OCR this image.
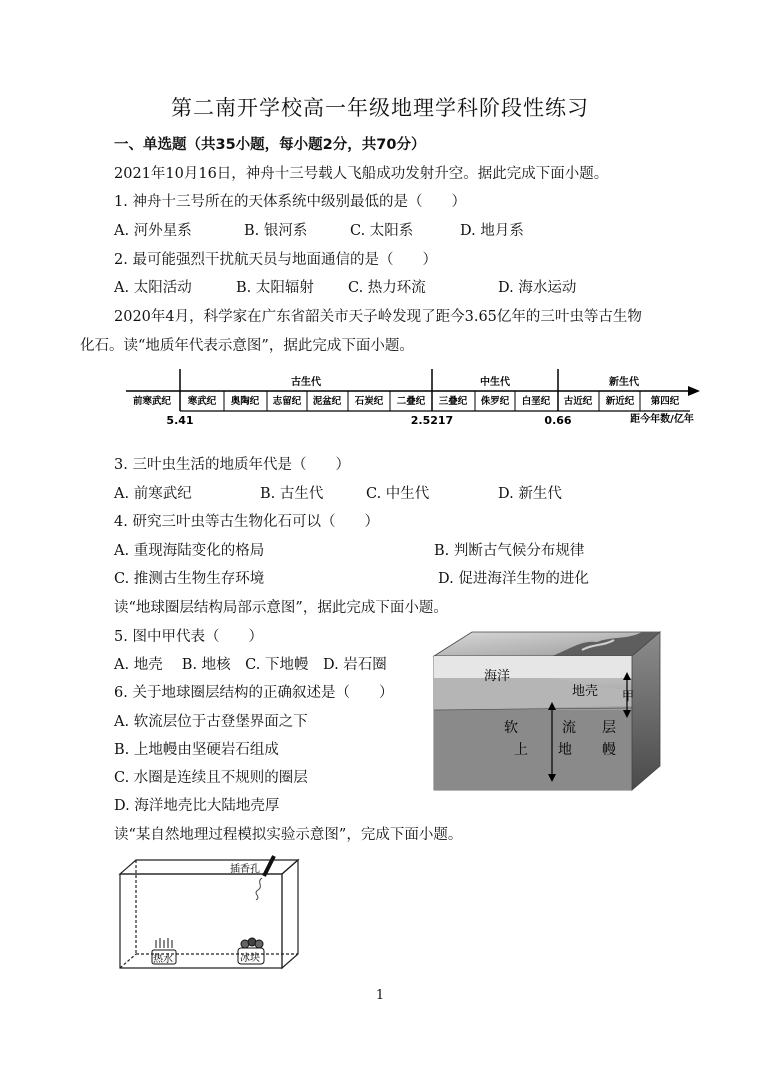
第二南开学校高一年级地理学科阶段性练习
一、单选题（共35小题，每小题2分，共70分）
2021年10月16日，神舟十三号载人飞船成功发射升空。据此完成下面小题。
1. 神舟十三号所在的天体系统中级别最低的是（　　）
A. 河外星系	B. 银河系	C. 太阳系	D. 地月系
2. 最可能强烈干扰航天员与地面通信的是（　　）
A. 太阳活动	B. 太阳辐射 C. 热力环流	D. 海水运动
2020年4月，科学家在广东省韶关市天子岭发现了距今3.65亿年的三叶虫等古生物
化石。读“地质年代表示意图”，据此完成下面小题。
古生代	中生代	新生代
前寒武纪 寒武纪 奥陶纪 志留纪 泥盆纪 石炭纪 二叠纪 三叠纪 侏罗纪 白垩纪 古近纪 新近纪 第四纪
5.41	2.5217	0.66	距今年数/亿年
3. 三叶虫生活的地质年代是（　　）
A. 前寒武纪	B. 古生代	C. 中生代	D. 新生代
4. 研究三叶虫等古生物化石可以（　　）
A. 重现海陆变化的格局	B. 判断古气候分布规律
C. 推测古生物生存环境	D. 促进海洋生物的进化
读“地球圈层结构局部示意图”，据此完成下面小题。
5. 图中甲代表（　　）
A. 地壳　 B. 地核　C. 下地幔　D. 岩石圈
6. 关于地球圈层结构的正确叙述是（　　）
A. 软流层位于古登堡界面之下
B. 上地幔由坚硬岩石组成
C. 水圈是连续且不规则的圈层
D. 海洋地壳比大陆地壳厚
海洋
地壳 甲
软	流 层
上 地 幔
读“某自然地理过程模拟实验示意图”，完成下面小题。
插香孔
热水	冰块
1
